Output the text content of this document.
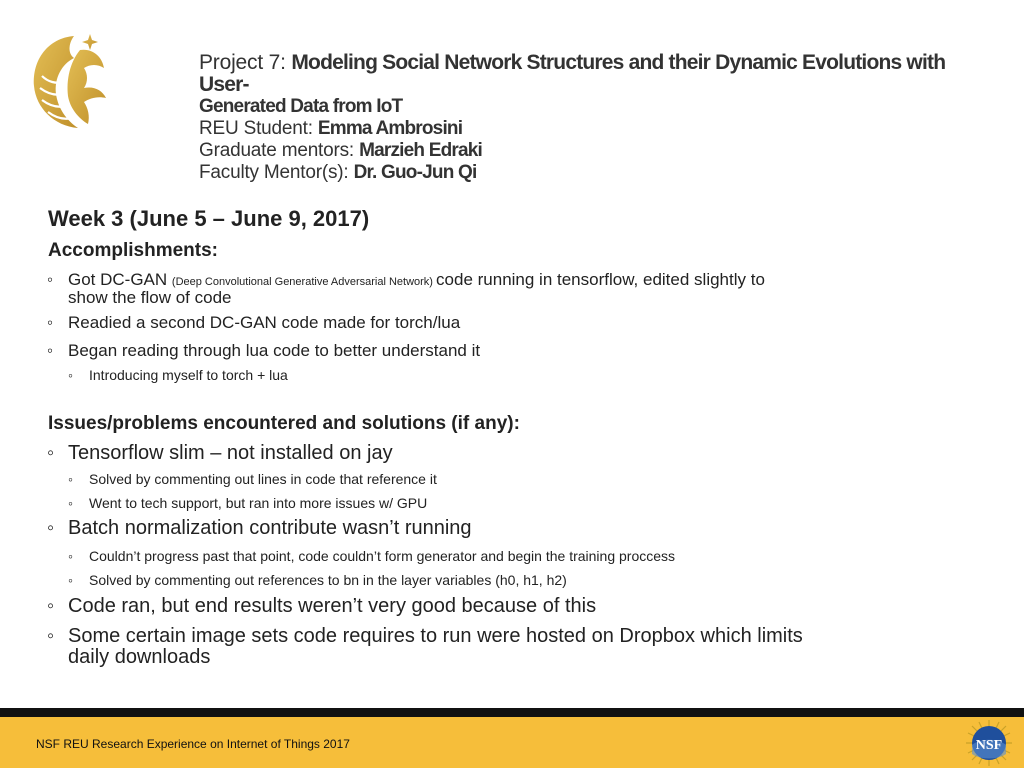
Project 7: Modeling Social Network Structures and their Dynamic Evolutions with User-
Generated Data from IoT
REU Student: Emma Ambrosini
Graduate mentors: Marzieh Edraki
Faculty Mentor(s): Dr. Guo-Jun Qi
Week 3 (June 5 – June 9, 2017)
Accomplishments:
◦ Got DC-GAN (Deep Convolutional Generative Adversarial Network) code running in tensorflow, edited slightly to
show the flow of code
◦ Readied a second DC-GAN code made for torch/lua
◦ Began reading through lua code to better understand it
◦ Introducing myself to torch + lua
Issues/problems encountered and solutions (if any):
◦ Tensorflow slim – not installed on jay
◦ Solved by commenting out lines in code that reference it
◦ Went to tech support, but ran into more issues w/ GPU
◦ Batch normalization contribute wasn’t running
◦ Couldn’t progress past that point, code couldn’t form generator and begin the training proccess
◦ Solved by commenting out references to bn in the layer variables (h0, h1, h2)
◦ Code ran, but end results weren’t very good because of this
◦ Some certain image sets code requires to run were hosted on Dropbox which limits
daily downloads
NSF REU Research Experience on Internet of Things 2017	NSF
